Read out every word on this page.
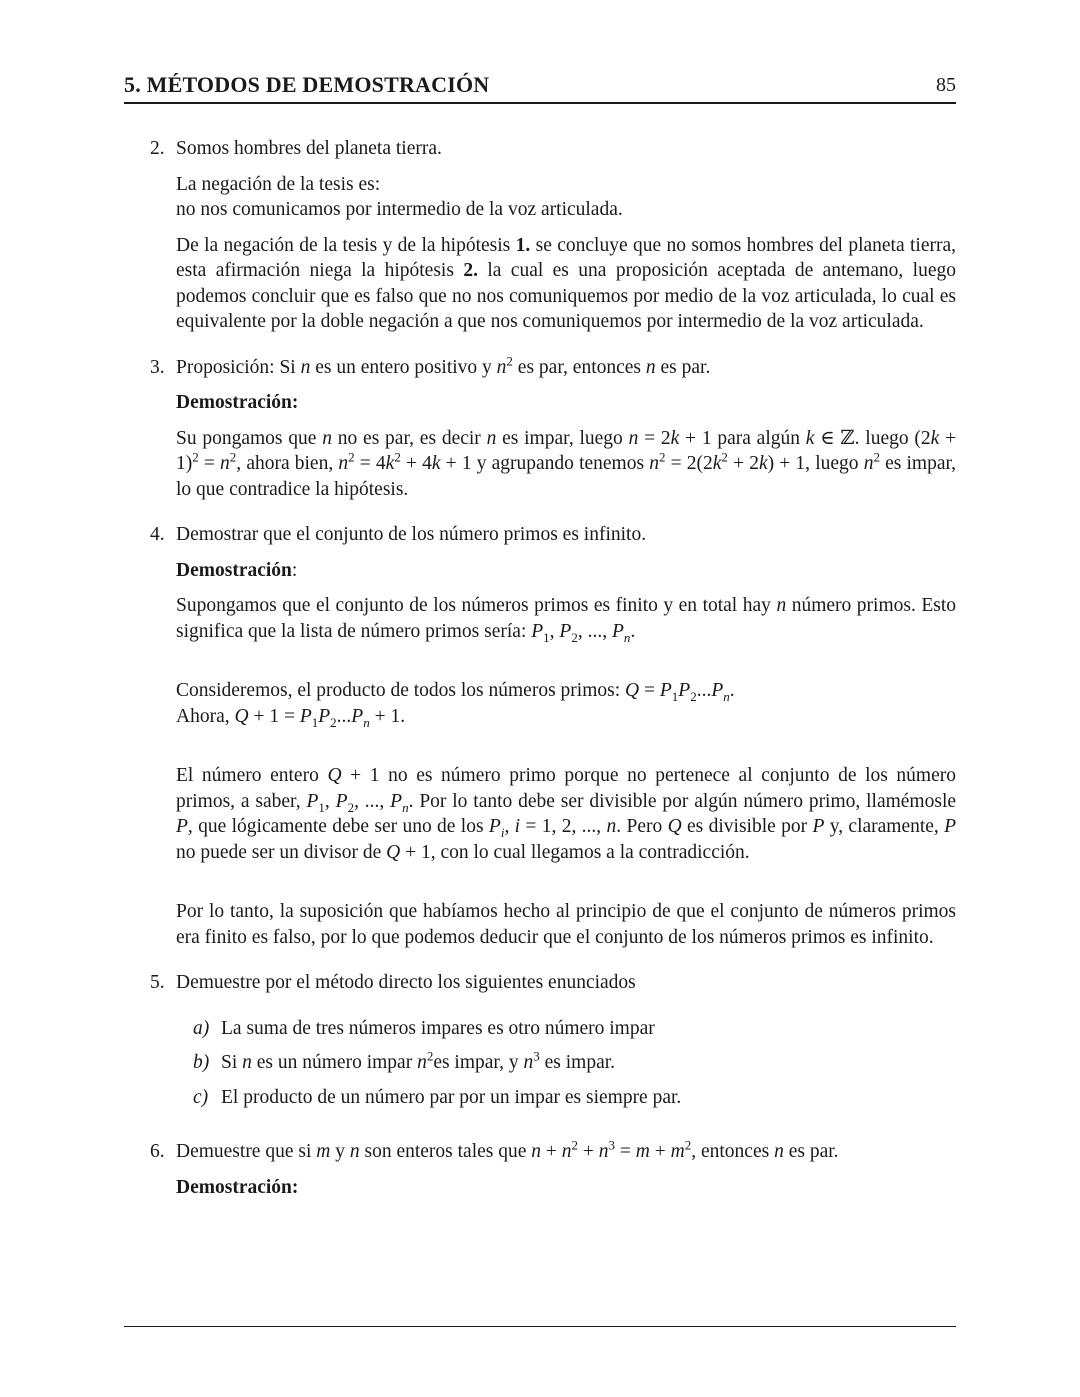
5. MÉTODOS DE DEMOSTRACIÓN	85
2. Somos hombres del planeta tierra.

La negación de la tesis es:

no nos comunicamos por intermedio de la voz articulada.

De la negación de la tesis y de la hipótesis 1. se concluye que no somos hombres del planeta tierra, esta afirmación niega la hipótesis 2. la cual es una proposición aceptada de antemano, luego podemos concluir que es falso que no nos comuniquemos por medio de la voz articulada, lo cual es equivalente por la doble negación a que nos comuniquemos por intermedio de la voz articulada.

3. Proposición: Si n es un entero positivo y $n^2$ es par, entonces n es par.

Demostración:

Su pongamos que n no es par, es decir n es impar, luego n = 2k + 1 para algún k ∈ ℤ. luego $(2k + 1)^2 = n^2$, ahora bien, $n^2 = 4k^2 + 4k + 1$ y agrupando tenemos $n^2 = 2(2k^2 + 2k) + 1$, luego $n^2$ es impar, lo que contradice la hipótesis.

4. Demostrar que el conjunto de los número primos es infinito.

Demostración:

Supongamos que el conjunto de los números primos es finito y en total hay n número primos. Esto significa que la lista de número primos sería: $P_1$, $P_2$, ..., $P_n$.

Consideremos, el producto de todos los números primos: $Q = P_1P_2...P_n$.
Ahora, $Q + 1 = P_1P_2...P_n + 1$.

El número entero Q + 1 no es número primo porque no pertenece al conjunto de los número primos, a saber, $P_1$, $P_2$, ..., $P_n$. Por lo tanto debe ser divisible por algún número primo, llamémosle P, que lógicamente debe ser uno de los $P_i$, i = 1, 2, ..., n. Pero Q es divisible por P y, claramente, P no puede ser un divisor de Q + 1, con lo cual llegamos a la contradicción.

Por lo tanto, la suposición que habíamos hecho al principio de que el conjunto de números primos era finito es falso, por lo que podemos deducir que el conjunto de los números primos es infinito.

5. Demuestre por el método directo los siguientes enunciados

a) La suma de tres números impares es otro número impar

b) Si n es un número impar $n^2es$ impar, y $n^3$ es impar.

c) El producto de un número par por un impar es siempre par.

6. Demuestre que si m y n son enteros tales que $n + n^2 + n^3 = m + m^2$, entonces n es par.

Demostración:
